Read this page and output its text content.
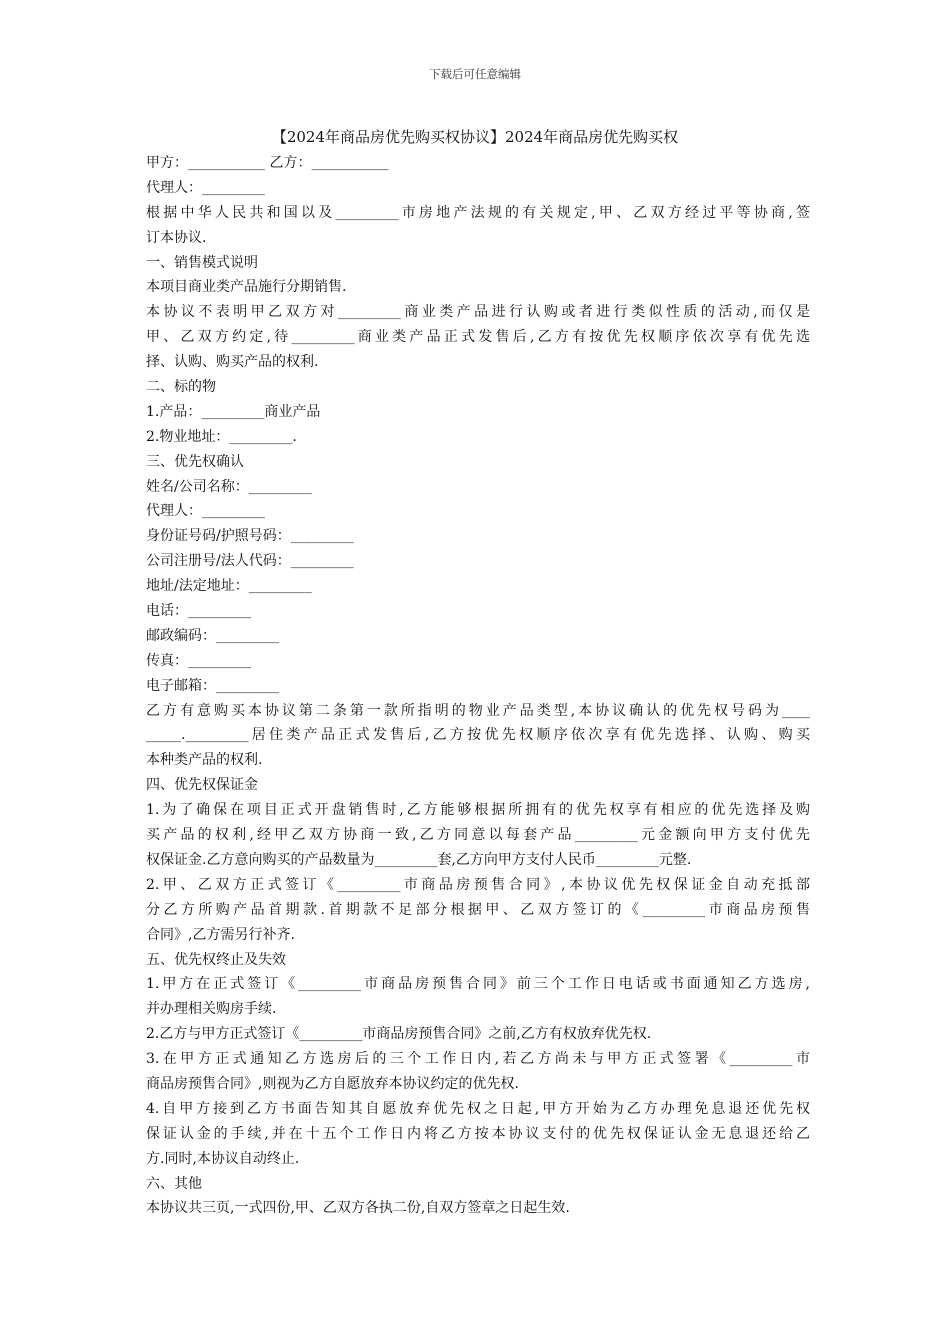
下载后可任意编辑
【2024年商品房优先购买权协议】2024年商品房优先购买权
甲方：___________ 乙方：___________
代理人：_________
根据中华人民共和国以及_________市房地产法规的有关规定,甲、乙双方经过平等协商,签
订本协议.
一、销售模式说明
本项目商业类产品施行分期销售.
本协议不表明甲乙双方对_________商业类产品进行认购或者进行类似性质的活动,而仅是
甲、乙双方约定,待_________商业类产品正式发售后,乙方有按优先权顺序依次享有优先选
择、认购、购买产品的权利.
二、标的物
1.产品：_________商业产品
2.物业地址：_________.
三、优先权确认
姓名/公司名称：_________
代理人：_________
身份证号码/护照号码：_________
公司注册号/法人代码：_________
地址/法定地址：_________
电话：_________
邮政编码：_________
传真：_________
电子邮箱：_________
乙方有意购买本协议第二条第一款所指明的物业产品类型,本协议确认的优先权号码为____
_____._________居住类产品正式发售后,乙方按优先权顺序依次享有优先选择、认购、购买
本种类产品的权利.
四、优先权保证金
1.为了确保在项目正式开盘销售时,乙方能够根据所拥有的优先权享有相应的优先选择及购
买产品的权利,经甲乙双方协商一致,乙方同意以每套产品_________元金额向甲方支付优先
权保证金.乙方意向购买的产品数量为_________套,乙方向甲方支付人民币_________元整.
2.甲、乙双方正式签订《_________市商品房预售合同》,本协议优先权保证金自动充抵部
分乙方所购产品首期款.首期款不足部分根据甲、乙双方签订的《_________市商品房预售
合同》,乙方需另行补齐.
五、优先权终止及失效
1.甲方在正式签订《_________市商品房预售合同》前三个工作日电话或书面通知乙方选房,
并办理相关购房手续.
2.乙方与甲方正式签订《_________市商品房预售合同》之前,乙方有权放弃优先权.
3.在甲方正式通知乙方选房后的三个工作日内,若乙方尚未与甲方正式签署《_________市
商品房预售合同》,则视为乙方自愿放弃本协议约定的优先权.
4.自甲方接到乙方书面告知其自愿放弃优先权之日起,甲方开始为乙方办理免息退还优先权
保证认金的手续,并在十五个工作日内将乙方按本协议支付的优先权保证认金无息退还给乙
方.同时,本协议自动终止.
六、其他
本协议共三页,一式四份,甲、乙双方各执二份,自双方签章之日起生效.
